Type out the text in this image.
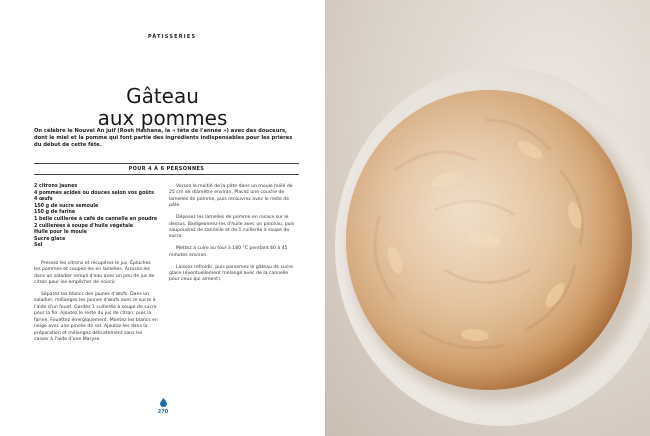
PÂTISSERIES
Gâteau
aux pommes
On célèbre le Nouvel An juif (Rosh Hashana, la « tête de l'année ») avec des douceurs, dont le miel et la pomme qui font partie des ingrédients indispensables pour les prières du début de cette fête.
POUR 4 À 6 PERSONNES
2 citrons jaunes
4 pommes acides ou douces selon vos goûts
4 œufs
150 g de sucre semoule
150 g de farine
1 belle cuillerée à café de cannelle en poudre
2 cuillerées à soupe d'huile végétale
Huile pour le moule
Sucre glace
Sel

Pressez les citrons et récupérez le jus. Épluchez les pommes et coupez-les en lamelles. Arrosez-les dans un saladier rempli d'eau avec un peu de jus de citron pour les empêcher de noircir.

Séparez les blancs des jaunes d'œufs. Dans un saladier, mélangez les jaunes d'œufs avec le sucre à l'aide d'un fouet. Gardez 1 cuillerée à soupe de sucre pour la fin. Ajoutez le reste du jus de citron, puis la farine. Fouettez énergiquement. Montez les blancs en neige avec une pincée de sel. Ajoutez-les dans la préparation et mélangez délicatement sans les casser à l'aide d'une Maryse.

Versez la moitié de la pâte dans un moule huilé de 25 cm de diamètre environ. Placez une couche de lamelles de pomme, puis recouvrez avec le reste de pâte.

Déposez les lamelles de pomme en rosace sur le dessus. Badigeonnez-les d'huile avec un pinceau, puis saupoudrez de cannelle et de 1 cuillerée à soupe de sucre.

Mettez à cuire au four à 180 °C pendant 40 à 45 minutes environ.

Laissez refroidir, puis parsemez le gâteau de sucre glace (éventuellement mélangé avec de la cannelle pour ceux qui aiment).

270
